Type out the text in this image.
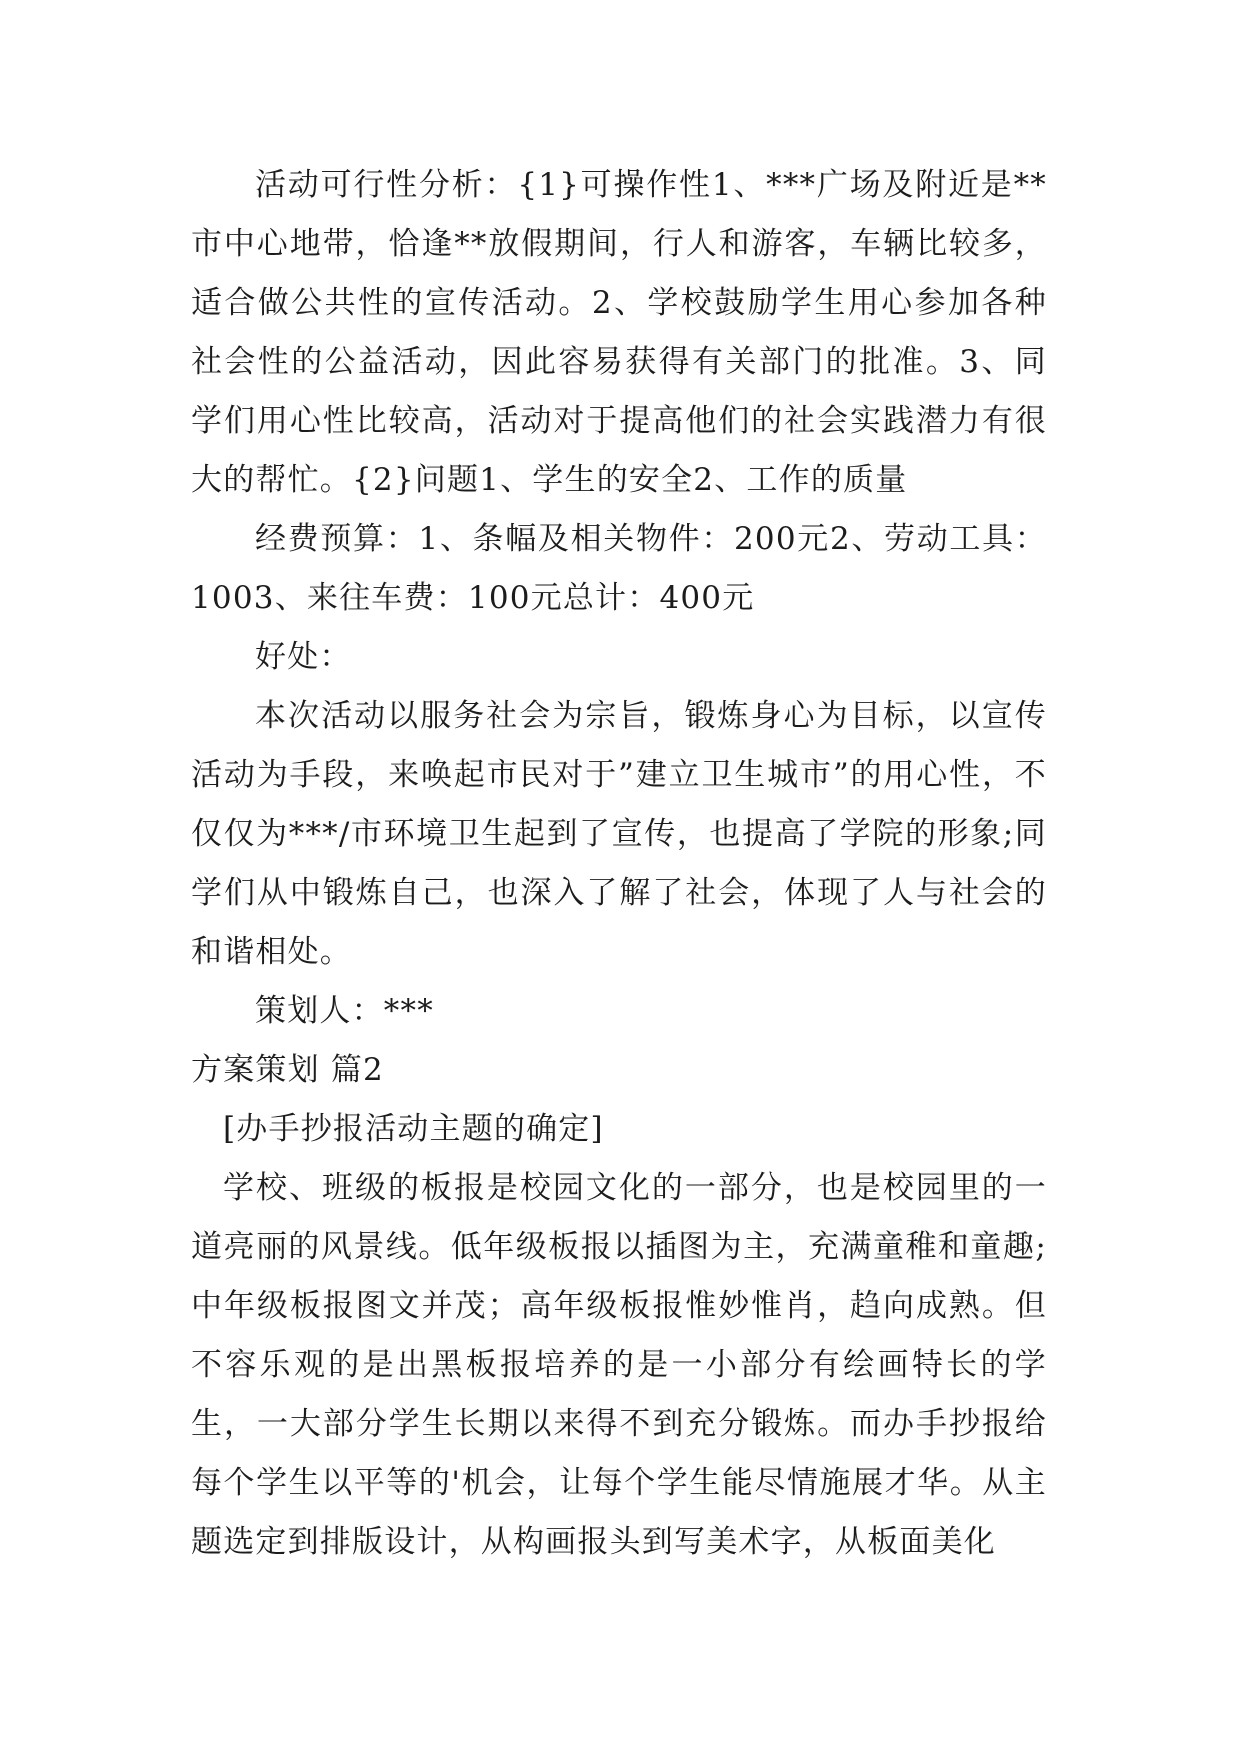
活动可行性分析：{1}可操作性1、***广场及附近是**市中心地带，恰逢**放假期间，行人和游客，车辆比较多，适合做公共性的宣传活动。2、学校鼓励学生用心参加各种社会性的公益活动，因此容易获得有关部门的批准。3、同学们用心性比较高，活动对于提高他们的社会实践潜力有很大的帮忙。{2}问题1、学生的安全2、工作的质量

经费预算：1、条幅及相关物件：200元2、劳动工具：1003、来往车费：100元总计：400元

好处：

本次活动以服务社会为宗旨，锻炼身心为目标，以宣传活动为手段，来唤起市民对于”建立卫生城市”的用心性，不仅仅为***/市环境卫生起到了宣传，也提高了学院的形象;同学们从中锻炼自己，也深入了解了社会，体现了人与社会的和谐相处。

策划人：***

方案策划 篇2

[办手抄报活动主题的确定]

学校、班级的板报是校园文化的一部分，也是校园里的一道亮丽的风景线。低年级板报以插图为主，充满童稚和童趣;中年级板报图文并茂；高年级板报惟妙惟肖，趋向成熟。但不容乐观的是出黑板报培养的是一小部分有绘画特长的学生，一大部分学生长期以来得不到充分锻炼。而办手抄报给每个学生以平等的'机会，让每个学生能尽情施展才华。从主题选定到排版设计，从构画报头到写美术字，从板面美化
